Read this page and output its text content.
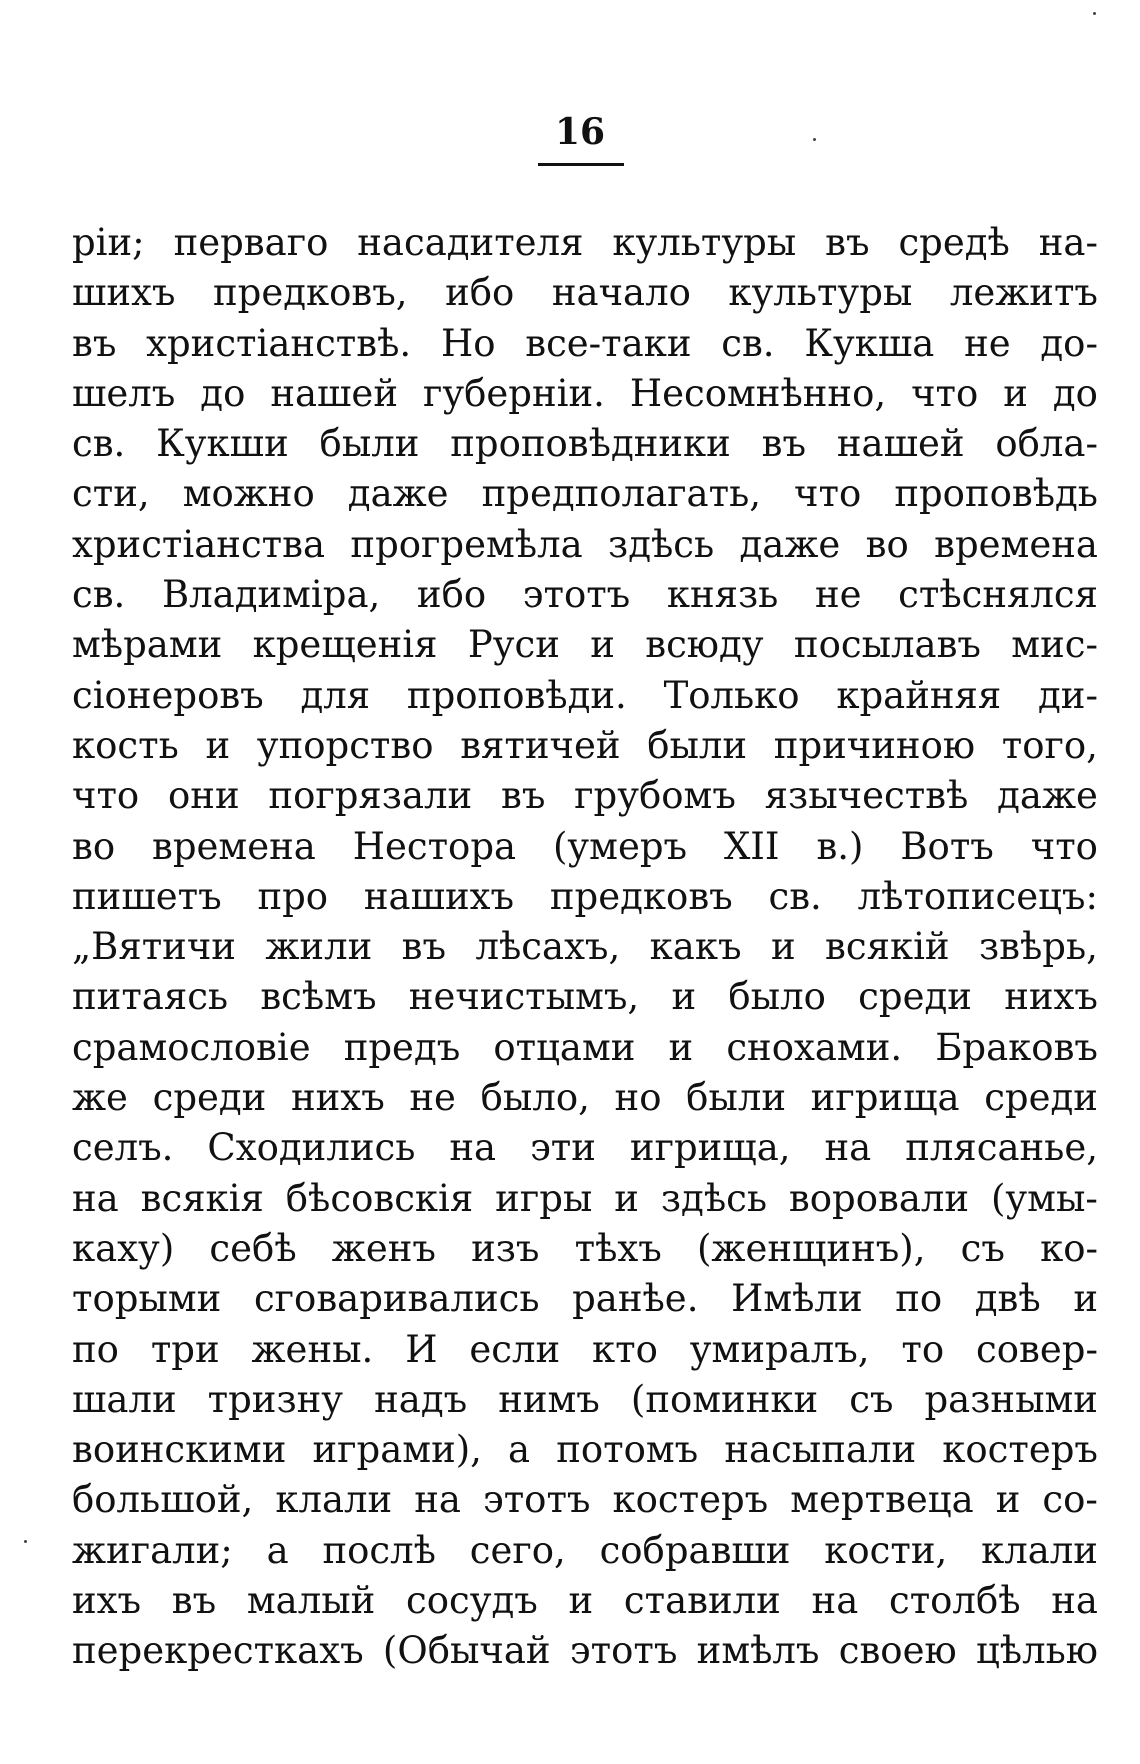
16
pіи; перваго насадителя культуры въ средѣ на-
шихъ предковъ, ибо начало культуры лежитъ
въ христіанствѣ. Но все-таки св. Кукша не до-
шелъ до нашей губерніи. Несомнѣнно, что и до
св. Кукши были проповѣдники въ нашей обла-
сти, можно даже предполагать, что проповѣдь
христіанства прогремѣла здѣсь даже во времена
св. Владиміра, ибо этотъ князь не стѣснялся
мѣрами крещенія Руси и всюду посылавъ мис-
сіонеровъ для проповѣди. Только крайняя ди-
кость и упорство вятичей были причиною того,
что они погрязали въ грубомъ язычествѣ даже
во времена Нестора (умеръ XII в.) Вотъ что
пишетъ про нашихъ предковъ св. лѣтописецъ:
„Вятичи жили въ лѣсахъ, какъ и всякій звѣрь,
питаясь всѣмъ нечистымъ, и было среди нихъ
срамословіе предъ отцами и снохами. Браковъ
же среди нихъ не было, но были игрища среди
селъ. Сходились на эти игрища, на плясанье,
на всякія бѣсовскія игры и здѣсь воровали (умы-
каху) себѣ женъ изъ тѣхъ (женщинъ), съ ко-
торыми сговаривались ранѣе. Имѣли по двѣ и
по три жены. И если кто умиралъ, то совер-
шали тризну надъ нимъ (поминки съ разными
воинскими играми), а потомъ насыпали костеръ
большой, клали на этотъ костеръ мертвеца и со-
жигали; а послѣ сего, собравши кости, клали
ихъ въ малый сосудъ и ставили на столбѣ на
перекресткахъ (Обычай этотъ имѣлъ своею цѣлью
